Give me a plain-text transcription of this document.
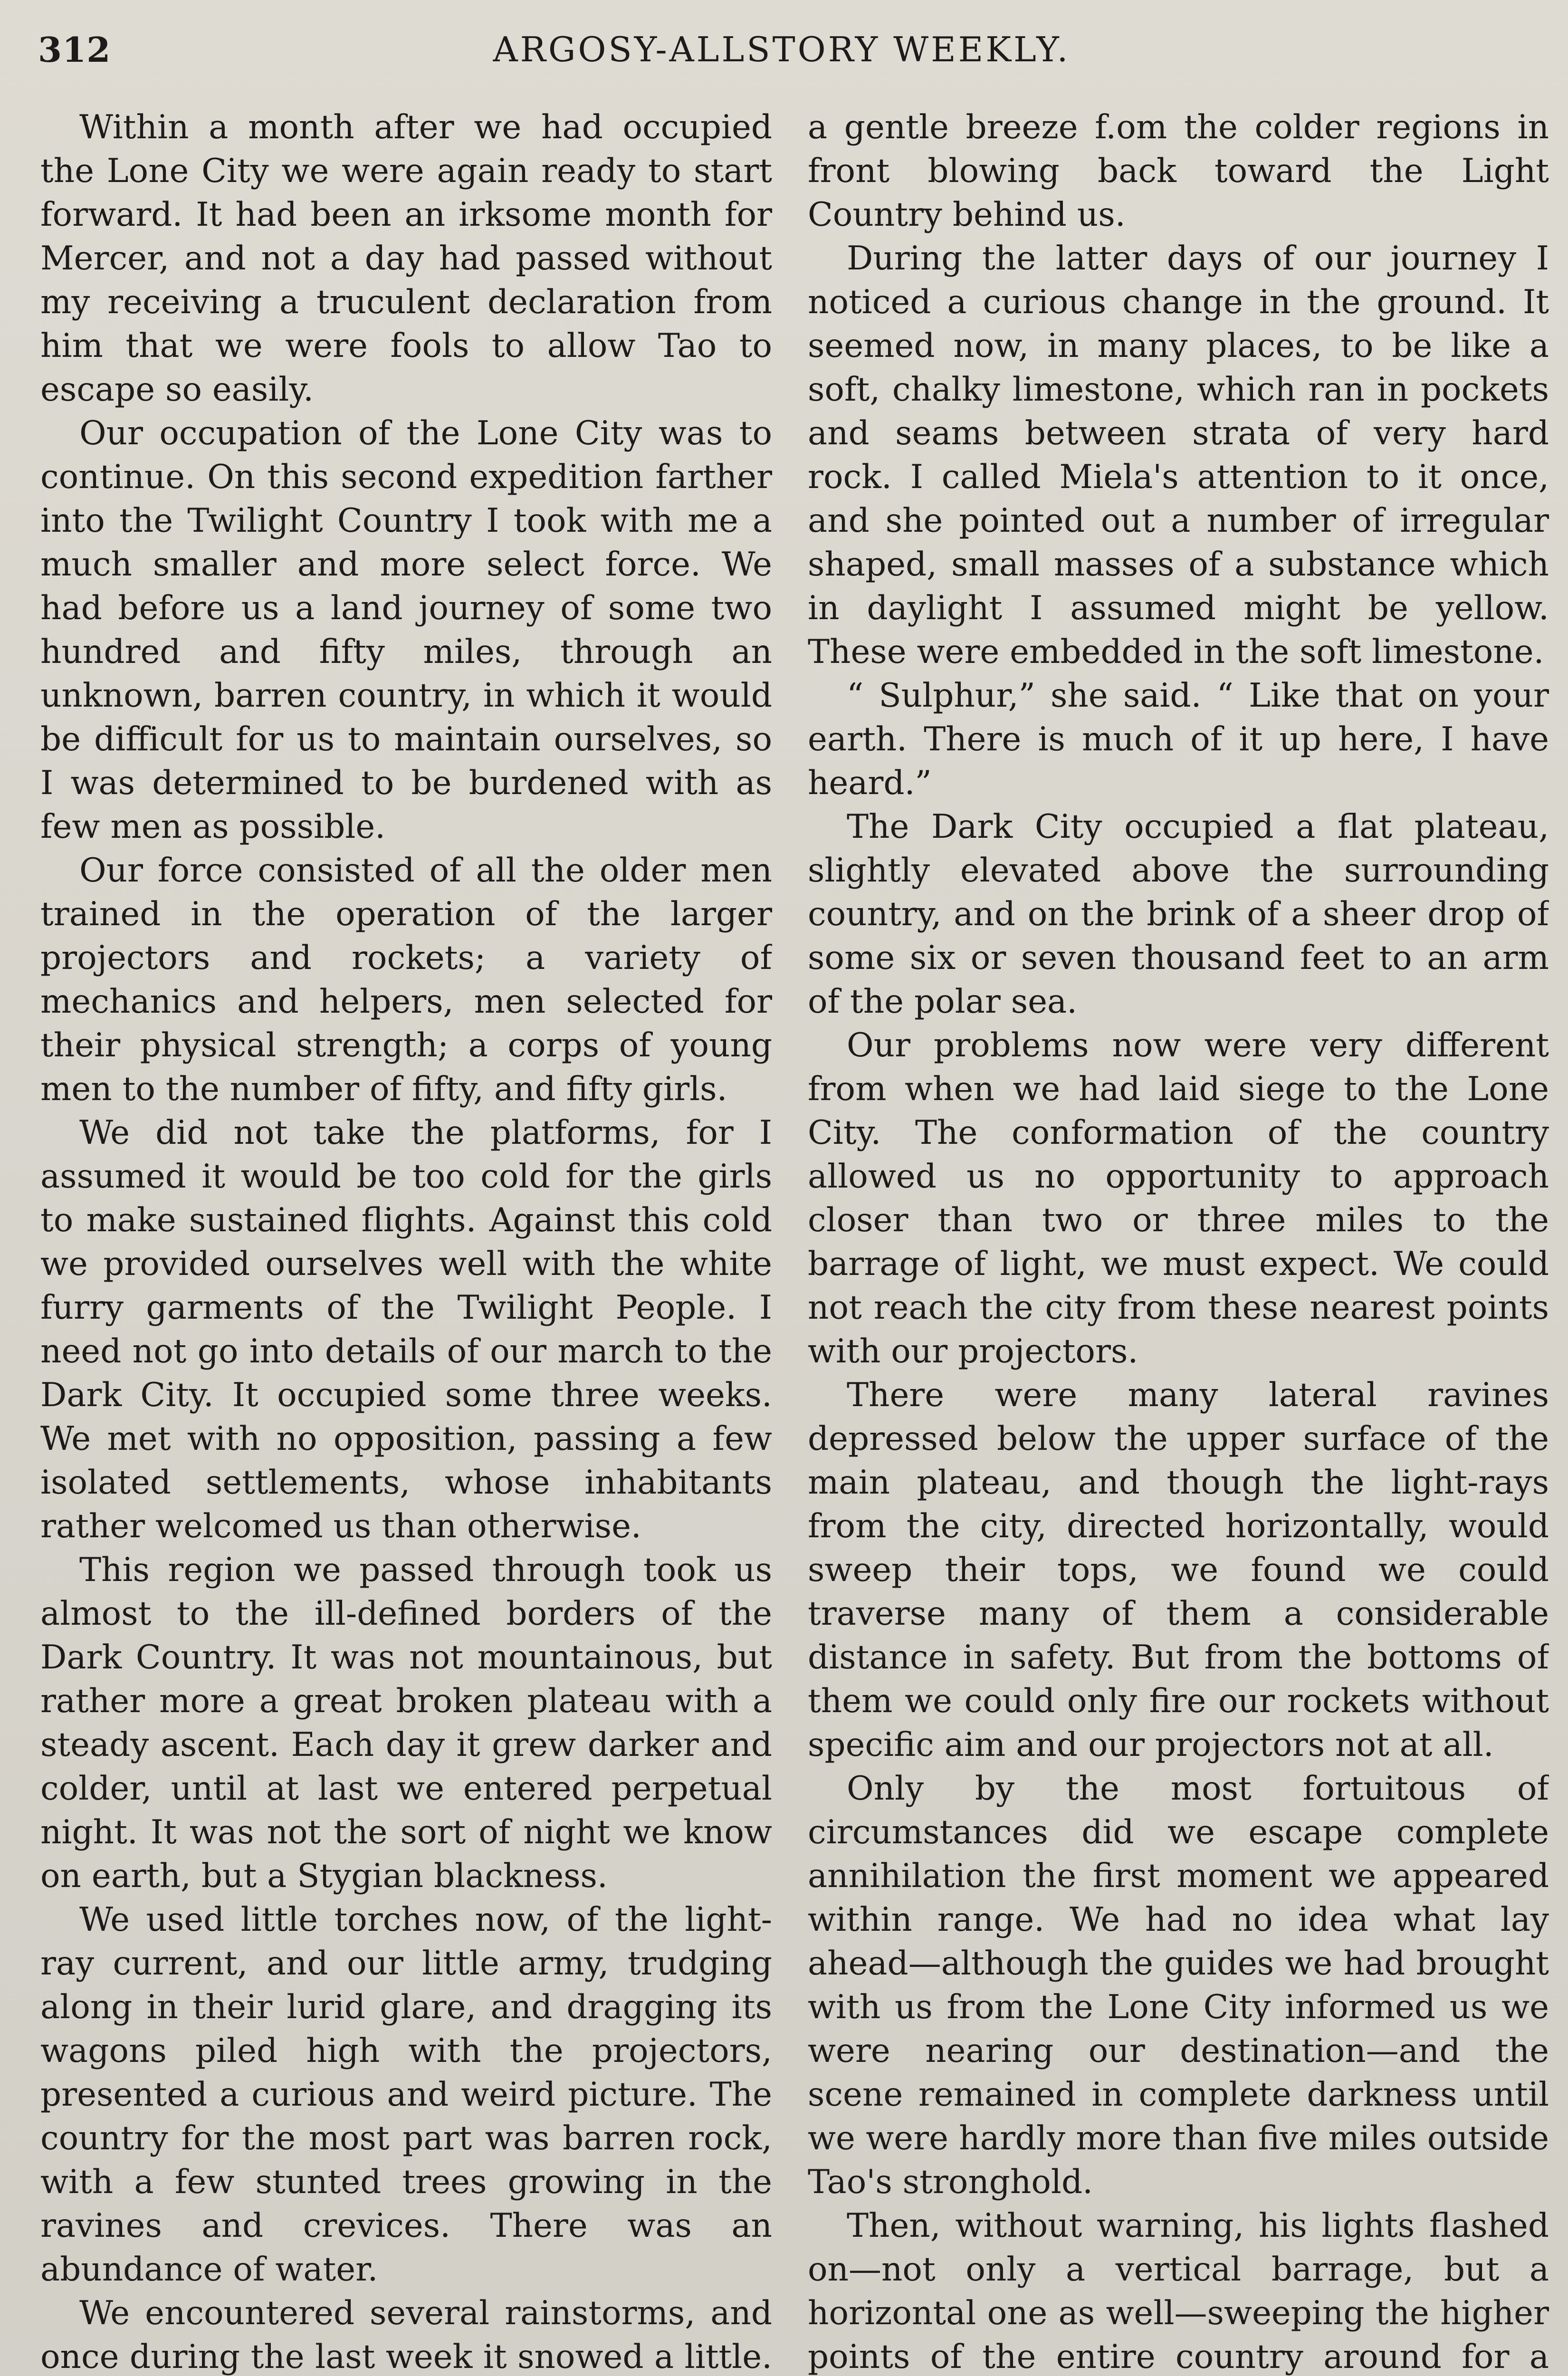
312	ARGOSY-ALLSTORY WEEKLY.

Within a month after we had occupied the Lone City we were again ready to start forward. It had been an irksome month for Mercer, and not a day had passed without my receiving a truculent declaration from him that we were fools to allow Tao to escape so easily.

Our occupation of the Lone City was to continue. On this second expedition farther into the Twilight Country I took with me a much smaller and more select force. We had before us a land journey of some two hundred and fifty miles, through an unknown, barren country, in which it would be difficult for us to maintain ourselves, so I was determined to be burdened with as few men as possible.

Our force consisted of all the older men trained in the operation of the larger projectors and rockets; a variety of mechanics and helpers, men selected for their physical strength; a corps of young men to the number of fifty, and fifty girls.

We did not take the platforms, for I assumed it would be too cold for the girls to make sustained flights. Against this cold we provided ourselves well with the white furry garments of the Twilight People. I need not go into details of our march to the Dark City. It occupied some three weeks. We met with no opposition, passing a few isolated settlements, whose inhabitants rather welcomed us than otherwise.

This region we passed through took us almost to the ill-defined borders of the Dark Country. It was not mountainous, but rather more a great broken plateau with a steady ascent. Each day it grew darker and colder, until at last we entered perpetual night. It was not the sort of night we know on earth, but a Stygian blackness.

We used little torches now, of the light-ray current, and our little army, trudging along in their lurid glare, and dragging its wagons piled high with the projectors, presented a curious and weird picture. The country for the most part was barren rock, with a few stunted trees growing in the ravines and crevices. There was an abundance of water.

We encountered several rainstorms, and once during the last week it snowed a little.

a gentle breeze f.om the colder regions in front blowing back toward the Light Country behind us.

During the latter days of our journey I noticed a curious change in the ground. It seemed now, in many places, to be like a soft, chalky limestone, which ran in pockets and seams between strata of very hard rock. I called Miela's attention to it once, and she pointed out a number of irregular shaped, small masses of a substance which in daylight I assumed might be yellow. These were embedded in the soft limestone.

“ Sulphur,” she said. “ Like that on your earth. There is much of it up here, I have heard.”

The Dark City occupied a flat plateau, slightly elevated above the surrounding country, and on the brink of a sheer drop of some six or seven thousand feet to an arm of the polar sea.

Our problems now were very different from when we had laid siege to the Lone City. The conformation of the country allowed us no opportunity to approach closer than two or three miles to the barrage of light, we must expect. We could not reach the city from these nearest points with our projectors.

There were many lateral ravines depressed below the upper surface of the main plateau, and though the light-rays from the city, directed horizontally, would sweep their tops, we found we could traverse many of them a considerable distance in safety. But from the bottoms of them we could only fire our rockets without specific aim and our projectors not at all.

Only by the most fortuitous of circumstances did we escape complete annihilation the first moment we appeared within range. We had no idea what lay ahead—although the guides we had brought with us from the Lone City informed us we were nearing our destination—and the scene remained in complete darkness until we were hardly more than five miles outside Tao's stronghold.

Then, without warning, his lights flashed on—not only a vertical barrage, but a horizontal one as well—sweeping the higher points of the entire country around for a
